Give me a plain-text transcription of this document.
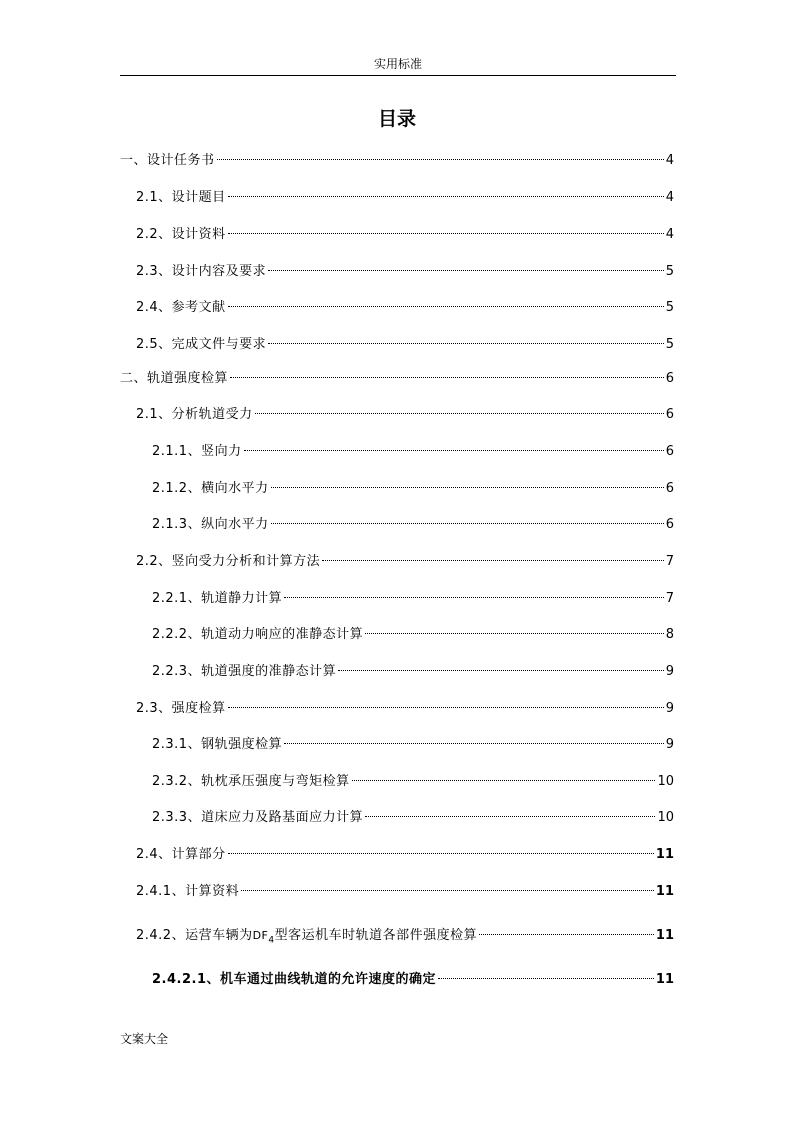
实用标准
目录
一、设计任务书	4
2.1、设计题目	4
2.2、设计资料	4
2.3、设计内容及要求	5
2.4、参考文献	5
2.5、完成文件与要求	5
二、轨道强度检算	6
2.1、分析轨道受力	6
2.1.1、竖向力	6
2.1.2、横向水平力	6
2.1.3、纵向水平力	6
2.2、竖向受力分析和计算方法	7
2.2.1、轨道静力计算	7
2.2.2、轨道动力响应的准静态计算	8
2.2.3、轨道强度的准静态计算	9
2.3、强度检算	9
2.3.1、钢轨强度检算	9
2.3.2、轨枕承压强度与弯矩检算	10
2.3.3、道床应力及路基面应力计算	10
2.4、计算部分	11
2.4.1、计算资料	11
2.4.2、运营车辆为$DF_4$型客运机车时轨道各部件强度检算	11
2.4.2.1、机车通过曲线轨道的允许速度的确定	11
文案大全
